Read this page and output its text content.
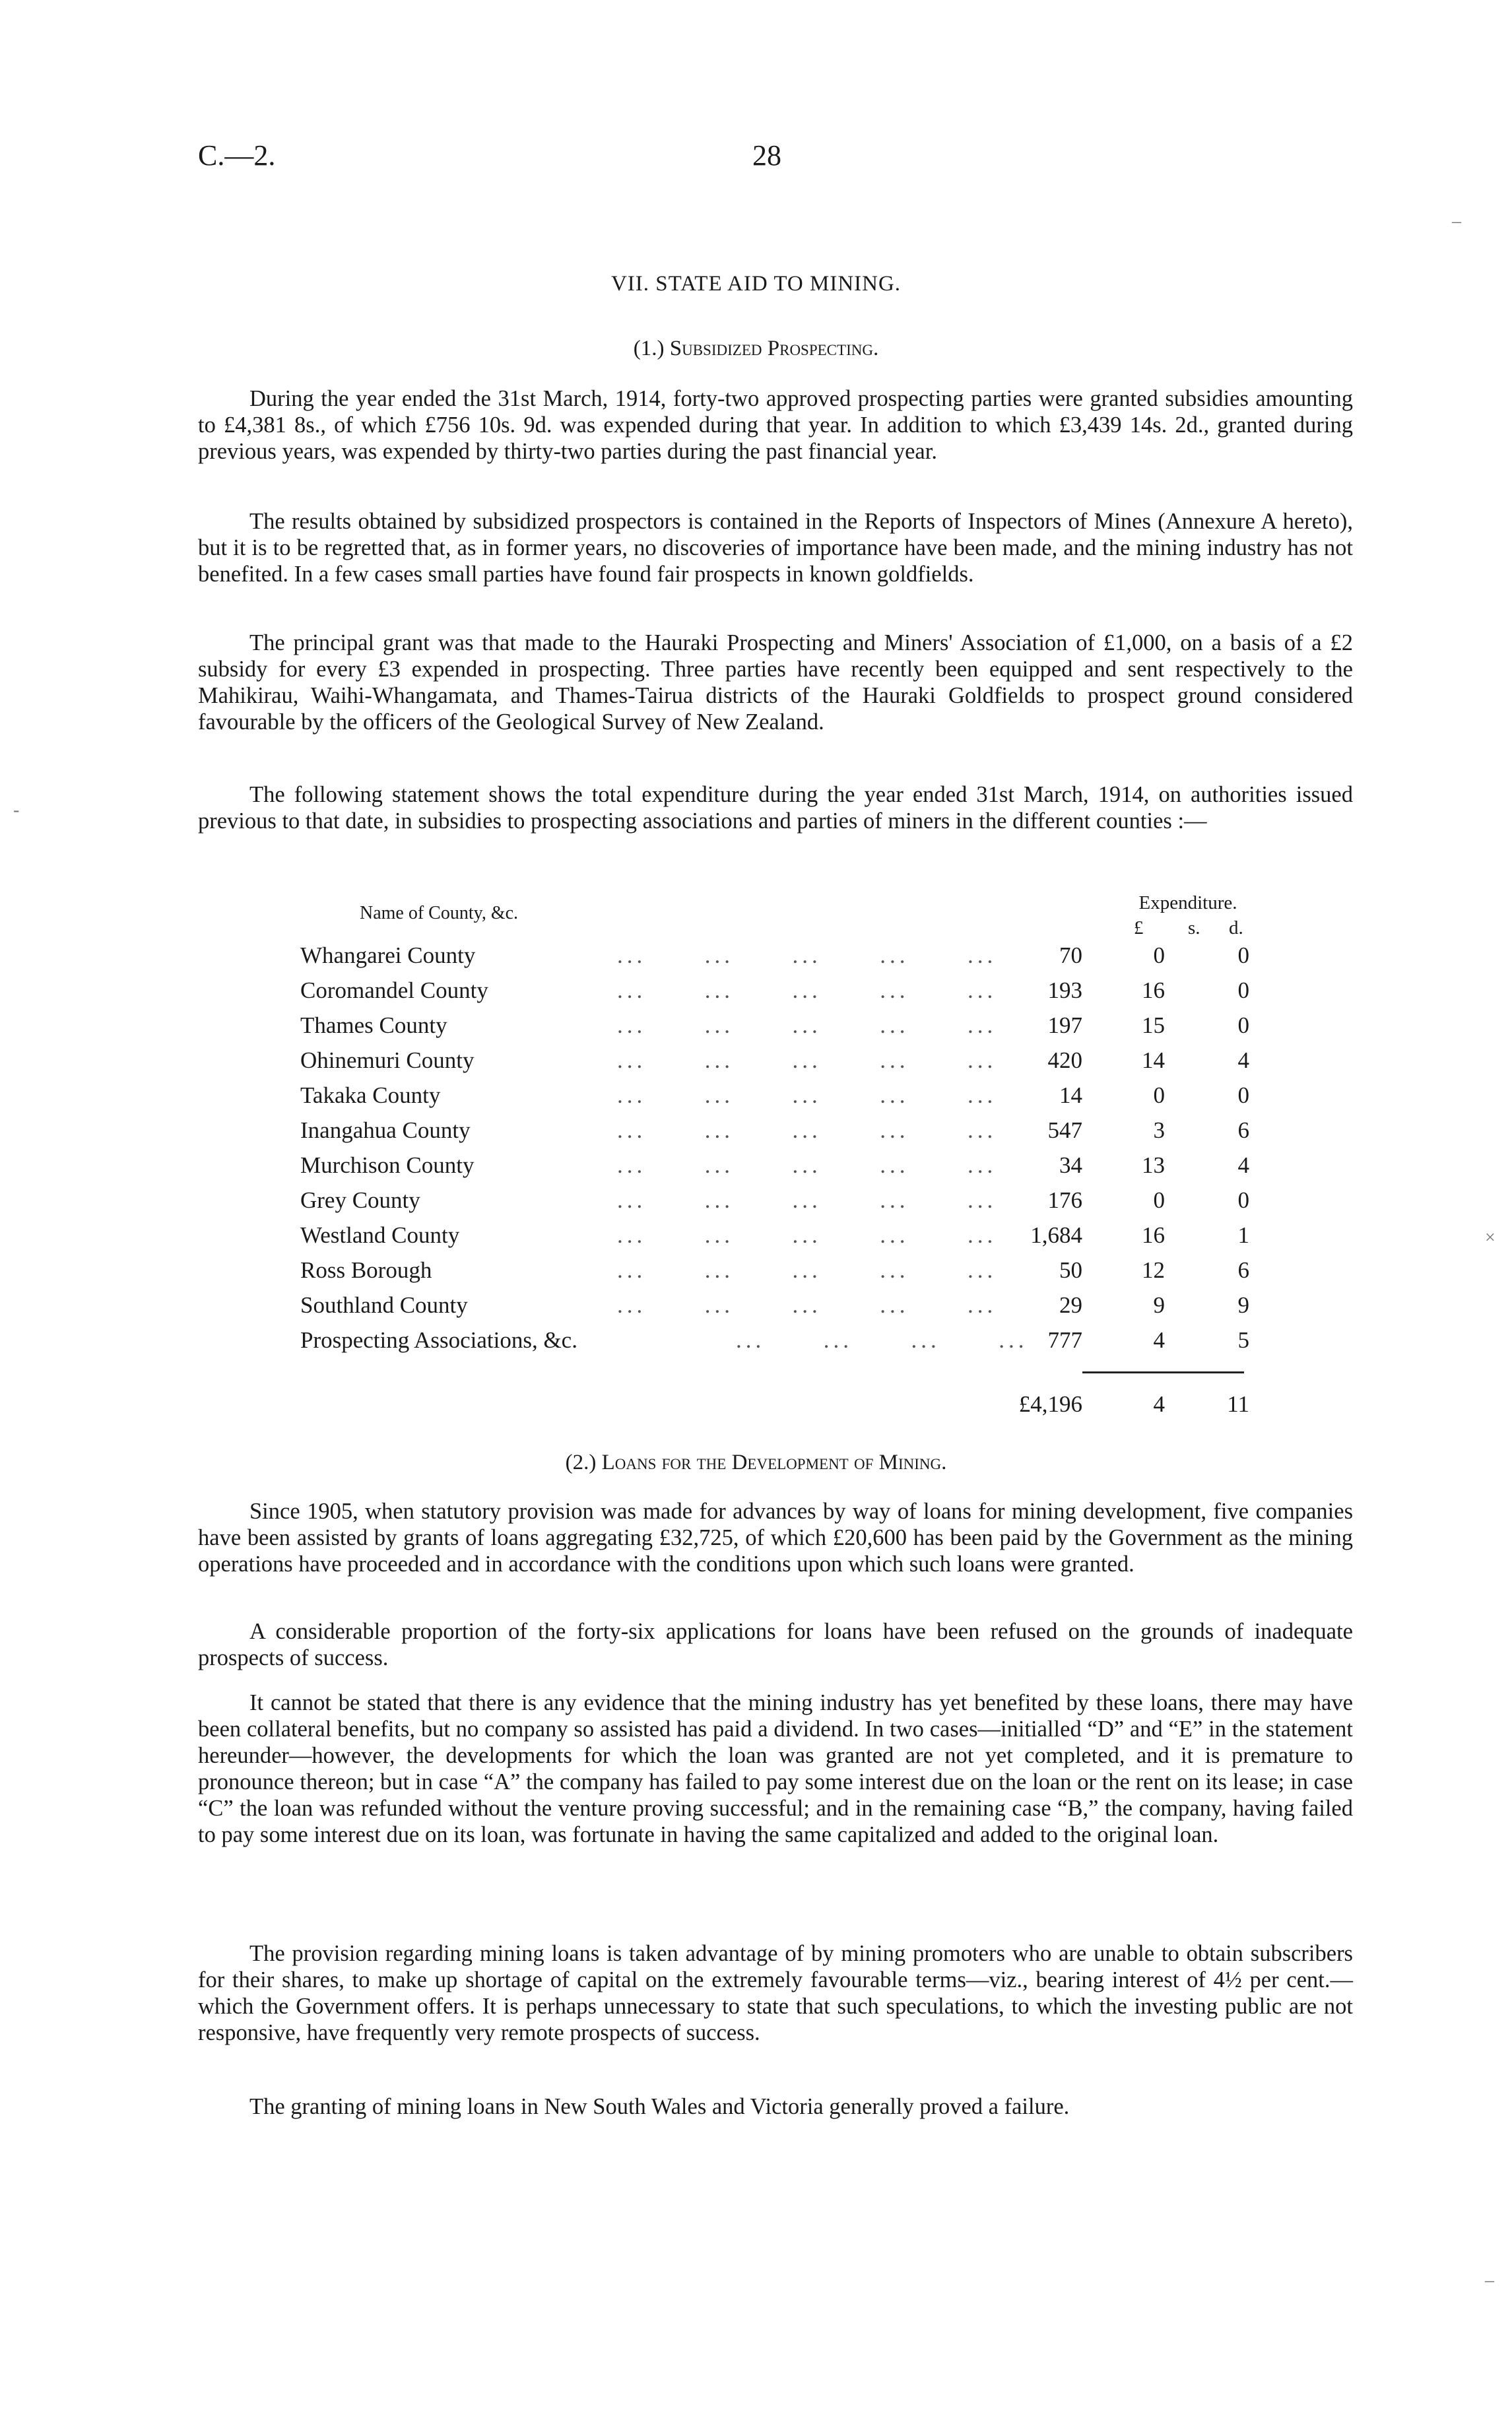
C.—2.	28
VII. STATE AID TO MINING.
(1.) Subsidized Prospecting.

During the year ended the 31st March, 1914, forty-two approved prospecting parties were granted subsidies amounting to £4,381 8s., of which £756 10s. 9d. was expended during that year. In addition to which £3,439 14s. 2d., granted during previous years, was expended by thirty-two parties during the past financial year.

The results obtained by subsidized prospectors is contained in the Reports of Inspectors of Mines (Annexure A hereto), but it is to be regretted that, as in former years, no discoveries of importance have been made, and the mining industry has not benefited. In a few cases small parties have found fair prospects in known goldfields.

The principal grant was that made to the Hauraki Prospecting and Miners' Association of £1,000, on a basis of a £2 subsidy for every £3 expended in prospecting. Three parties have recently been equipped and sent respectively to the Mahikirau, Waihi-Whangamata, and Thames-Tairua districts of the Hauraki Goldfields to prospect ground considered favourable by the officers of the Geological Survey of New Zealand.

The following statement shows the total expenditure during the year ended 31st March, 1914, on authorities issued previous to that date, in subsidies to prospecting associations and parties of miners in the different counties :—

Name of County, &c.	Expenditure.
£ s. d.
Whangarei County	...	...	...	...	...	70	0	0
Coromandel County	...	...	...	...	... 193	16	0
Thames County	...	...	...	...	... 197	15	0
Ohinemuri County	...	...	...	...	... 420	14	4
Takaka County	...	...	...	...	...	14	0	0
Inangahua County	...	...	...	...	... 547	3	6
Murchison County	...	...	...	...	...	34	13	4
Grey County	...	...	...	...	... 176	0	0
Westland County	...	...	...	...	... 1,684	16	1
Ross Borough	...	...	...	...	...	50	12	6
Southland County	...	...	...	...	...	29	9	9
Prospecting Associations, &c.	...	...	...	... 777	4	5
£4,196	4	11
(2.) Loans for the Development of Mining.

Since 1905, when statutory provision was made for advances by way of loans for mining development, five companies have been assisted by grants of loans aggregating £32,725, of which £20,600 has been paid by the Government as the mining operations have proceeded and in accordance with the conditions upon which such loans were granted.

A considerable proportion of the forty-six applications for loans have been refused on the grounds of inadequate prospects of success.

It cannot be stated that there is any evidence that the mining industry has yet benefited by these loans, there may have been collateral benefits, but no company so assisted has paid a dividend. In two cases—initialled “D” and “E” in the statement hereunder—however, the developments for which the loan was granted are not yet completed, and it is premature to pronounce thereon; but in case “A” the company has failed to pay some interest due on the loan or the rent on its lease; in case “C” the loan was refunded without the venture proving successful; and in the remaining case “B,” the company, having failed to pay some interest due on its loan, was fortunate in having the same capitalized and added to the original loan.

The provision regarding mining loans is taken advantage of by mining promoters who are unable to obtain subscribers for their shares, to make up shortage of capital on the extremely favourable terms—viz., bearing interest of 4½ per cent.—which the Government offers. It is perhaps unnecessary to state that such speculations, to which the investing public are not responsive, have frequently very remote prospects of success.

The granting of mining loans in New South Wales and Victoria generally proved a failure.

‒
‐
×
‒
